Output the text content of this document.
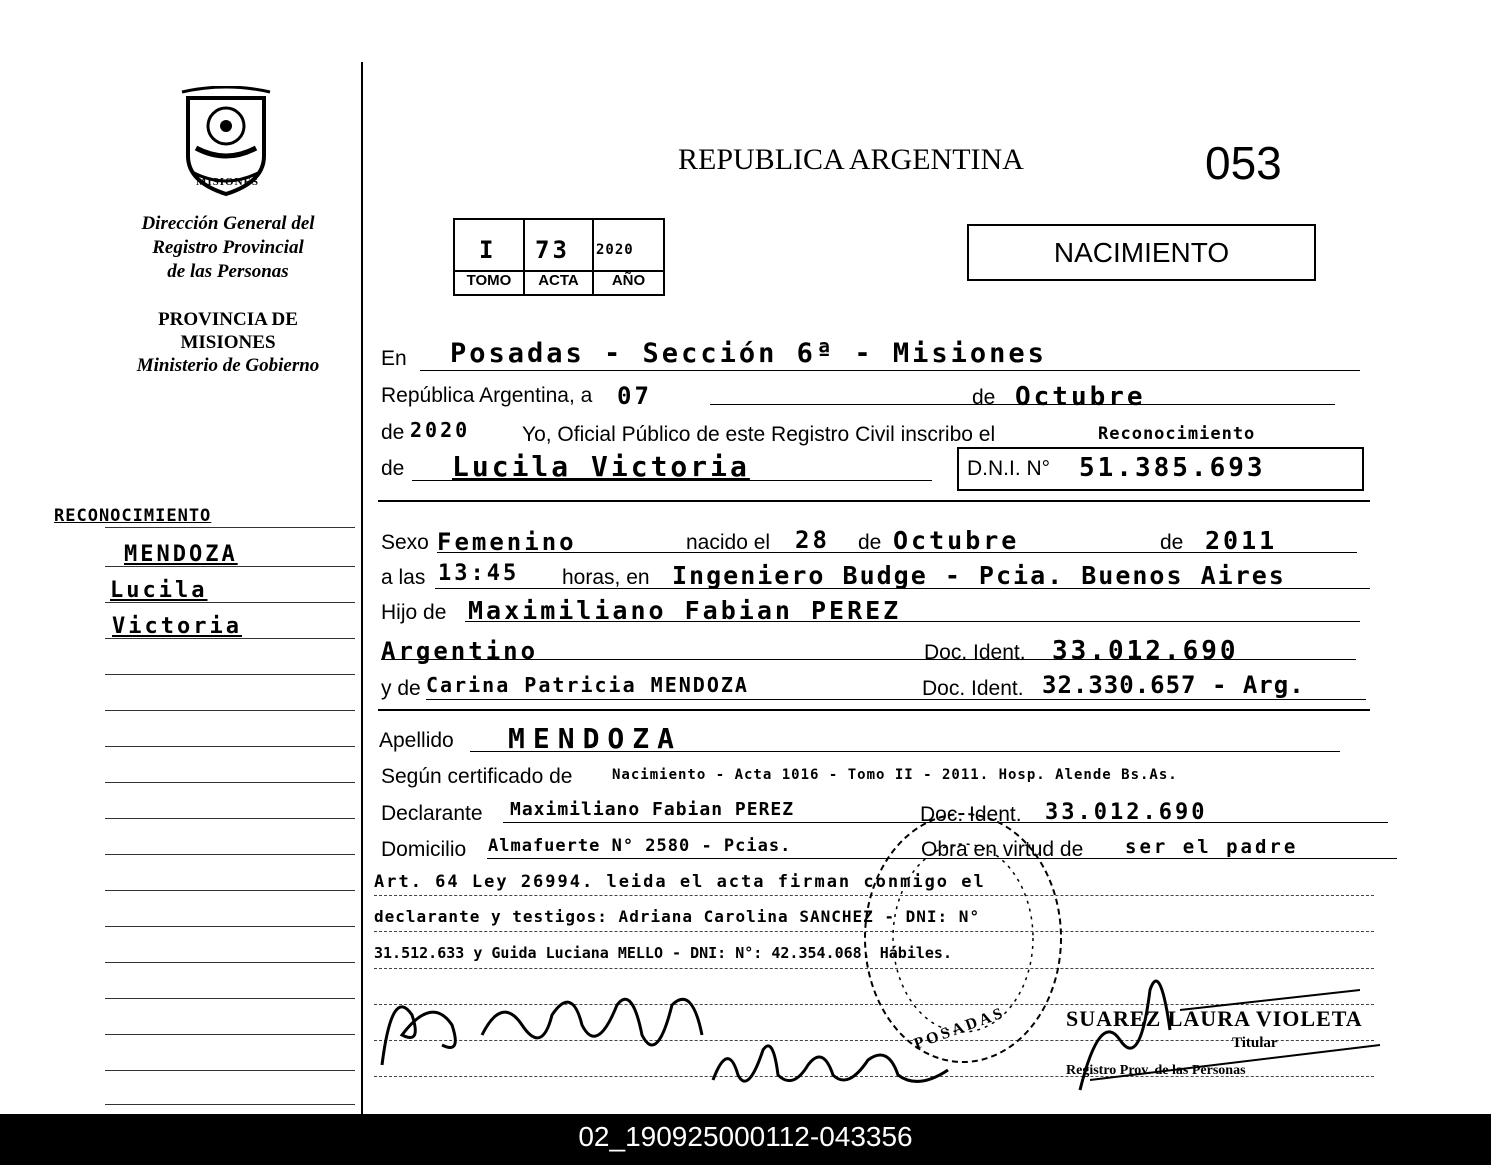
MISIONES
Dirección General del
Registro Provincial
de las Personas
PROVINCIA DE
MISIONES
Ministerio de Gobierno
RECONOCIMIENTO
MENDOZA
Lucila
Victoria
REPUBLICA ARGENTINA	053
I 73 2020
TOMO	ACTA	AÑO
NACIMIENTO
En Posadas - Sección 6ª - Misiones
República Argentina, a 07	de Octubre
de 2020 Yo, Oficial Público de este Registro Civil inscribo el	Reconocimiento
de Lucila Victoria	D.N.I. N° 51.385.693
Sexo Femenino	nacido el 28 de Octubre	de 2011
a las 13:45 horas, en Ingeniero Budge - Pcia. Buenos Aires
Hijo de Maximiliano Fabian PEREZ
Argentino	Doc. Ident. 33.012.690
y de Carina Patricia MENDOZA	Doc. Ident. 32.330.657 - Arg.
Apellido MENDOZA
Según certificado de	Nacimiento - Acta 1016 - Tomo II - 2011. Hosp. Alende Bs.As.
Declarante Maximiliano Fabian PEREZ	Doc. Ident. 33.012.690
Domicilio Almafuerte N° 2580 - Pcias.	Obra en virtud de ser el padre
Art. 64 Ley 26994. leida el acta firman conmigo el
declarante y testigos: Adriana Carolina SANCHEZ - DNI: N°
31.512.633 y Guida Luciana MELLO - DNI: N°: 42.354.068. Hábiles.
POSADAS	SUAREZ LAURA VIOLETA
Titular
Registro Prov. de las Personas
02_190925000112-043356
